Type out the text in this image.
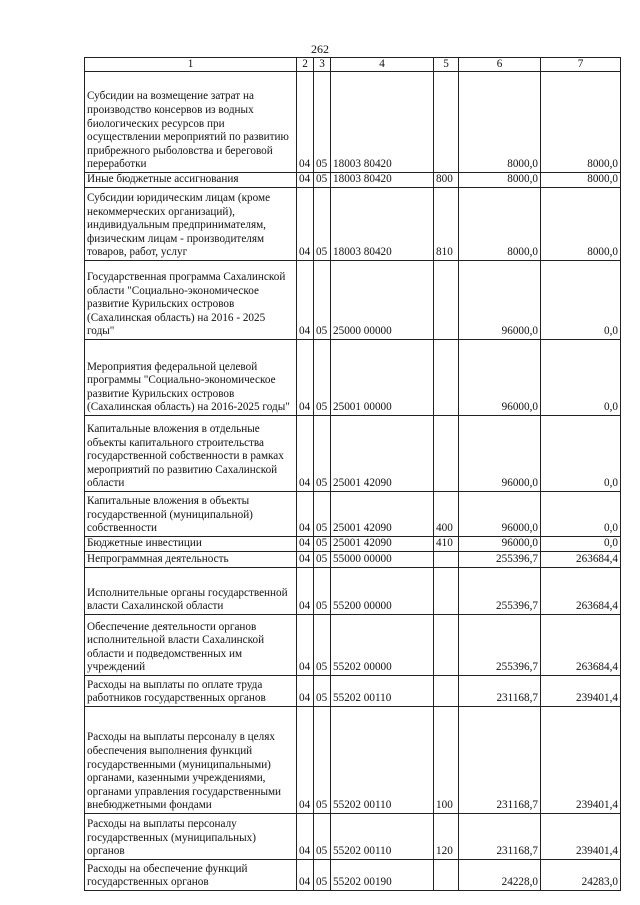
262
1	2	3	4	5	6	7
Субсидии на возмещение затрат на производство консервов из водных биологических ресурсов при осуществлении мероприятий по развитию прибрежного рыболовства и береговой переработки	04	05	18003 80420		8000,0	8000,0
Иные бюджетные ассигнования	04	05	18003 80420	800	8000,0	8000,0
Субсидии юридическим лицам (кроме некоммерческих организаций), индивидуальным предпринимателям, физическим лицам - производителям товаров, работ, услуг	04	05	18003 80420	810	8000,0	8000,0
Государственная программа Сахалинской области "Социально-экономическое развитие Курильских островов (Сахалинская область) на 2016 - 2025 годы"	04	05	25000 00000		96000,0	0,0
Мероприятия федеральной целевой программы "Социально-экономическое развитие Курильских островов (Сахалинская область) на 2016-2025 годы"	04	05	25001 00000		96000,0	0,0
Капитальные вложения в отдельные объекты капитального строительства государственной собственности в рамках мероприятий по развитию Сахалинской области	04	05	25001 42090		96000,0	0,0
Капитальные вложения в объекты государственной (муниципальной) собственности	04	05	25001 42090	400	96000,0	0,0
Бюджетные инвестиции	04	05	25001 42090	410	96000,0	0,0
Непрограммная деятельность	04	05	55000 00000		255396,7	263684,4
Исполнительные органы государственной власти Сахалинской области	04	05	55200 00000		255396,7	263684,4
Обеспечение деятельности органов исполнительной власти Сахалинской области и подведомственных им учреждений	04	05	55202 00000		255396,7	263684,4
Расходы на выплаты по оплате труда работников государственных органов	04	05	55202 00110		231168,7	239401,4
Расходы на выплаты персоналу в целях обеспечения выполнения функций государственными (муниципальными) органами, казенными учреждениями, органами управления государственными внебюджетными фондами	04	05	55202 00110	100	231168,7	239401,4
Расходы на выплаты персоналу государственных (муниципальных) органов	04	05	55202 00110	120	231168,7	239401,4
Расходы на обеспечение функций государственных органов	04	05	55202 00190		24228,0	24283,0
